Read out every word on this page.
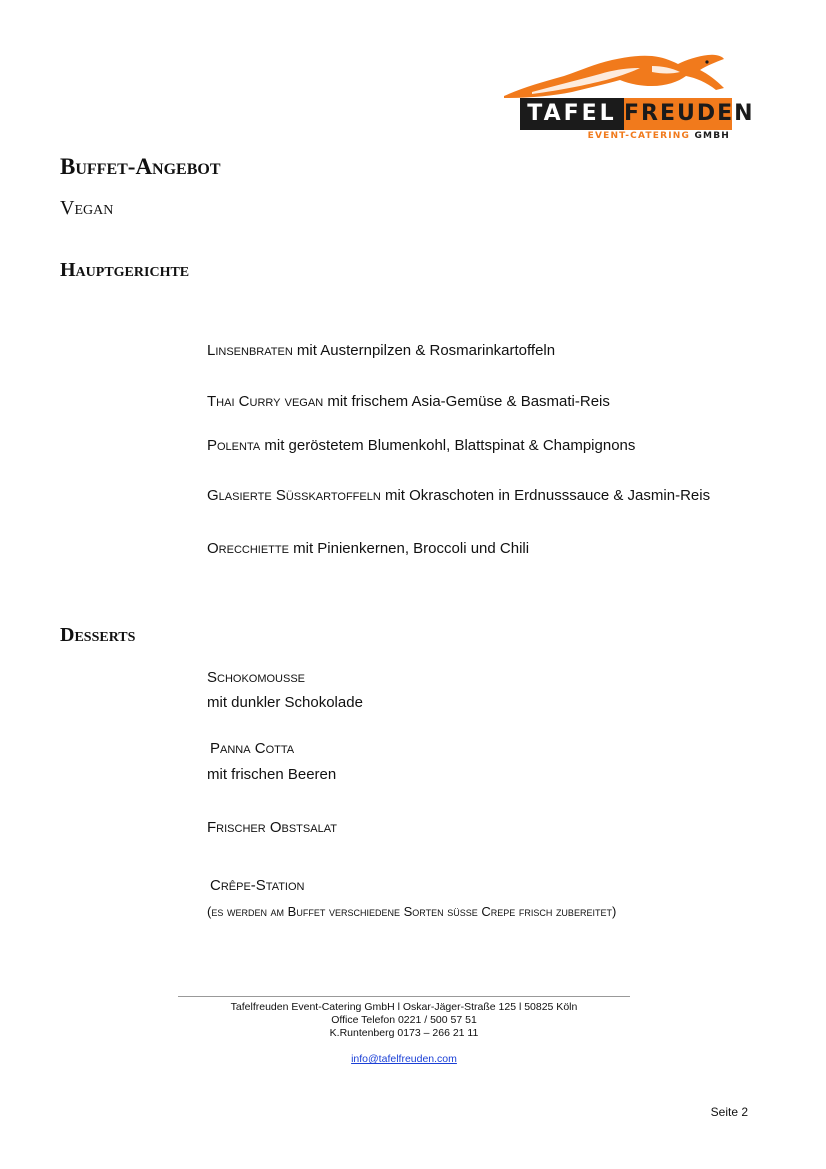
TAFEL FREUDEN
EVENT-CATERING GMBH
Buffet-Angebot
Vegan
Hauptgerichte
Linsenbraten mit Austernpilzen & Rosmarinkartoffeln
Thai Curry vegan mit frischem Asia-Gemüse & Basmati-Reis
Polenta mit geröstetem Blumenkohl, Blattspinat & Champignons
Glasierte Süsskartoffeln mit Okraschoten in Erdnusssauce & Jasmin-Reis
Orecchiette mit Pinienkernen, Broccoli und Chili
Desserts
Schokomousse
mit dunkler Schokolade
Panna Cotta
mit frischen Beeren
Frischer Obstsalat
Crêpe-Station
(es werden am Buffet verschiedene Sorten süße Crepe frisch zubereitet)
Tafelfreuden Event-Catering GmbH l Oskar-Jäger-Straße 125 l 50825 Köln
Office Telefon 0221 / 500 57 51
K.Runtenberg 0173 – 266 21 11
info@tafelfreuden.com
Seite 2
